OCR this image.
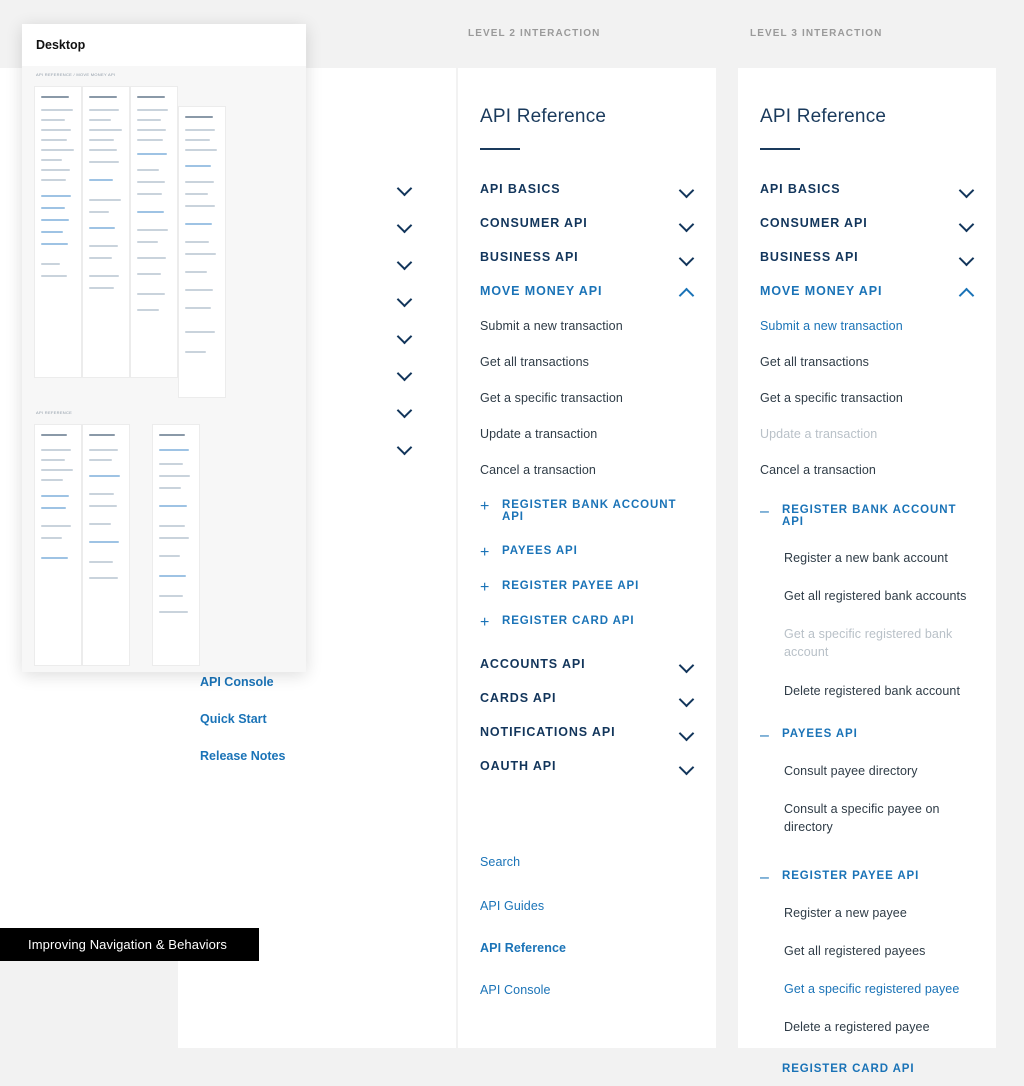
API Console
Quick Start
Release Notes
LEVEL 2 INTERACTION
API Reference
API BASICS
CONSUMER API
BUSINESS API
MOVE MONEY API
Submit a new transaction
Get all transactions
Get a specific transaction
Update a transaction
Cancel a transaction
+ REGISTER BANK ACCOUNT API
+ PAYEES API
+ REGISTER PAYEE API
+ REGISTER CARD API
ACCOUNTS API
CARDS API
NOTIFICATIONS API
OAUTH API
Search
API Guides
API Reference
API Console
LEVEL 3 INTERACTION
API Reference
API BASICS
CONSUMER API
BUSINESS API
MOVE MONEY API
Submit a new transaction
Get all transactions
Get a specific transaction
Update a transaction
Cancel a transaction
– REGISTER BANK ACCOUNT API
Register a new bank account
Get all registered bank accounts
Get a specific registered bank account
Delete registered bank account
– PAYEES API
Consult payee directory
Consult a specific payee on directory
– REGISTER PAYEE API
Register a new payee
Get all registered payees
Get a specific registered payee
Delete a registered payee
REGISTER CARD API
Desktop
API REFERENCE / MOVE MONEY API
API REFERENCE
Improving Navigation & Behaviors
